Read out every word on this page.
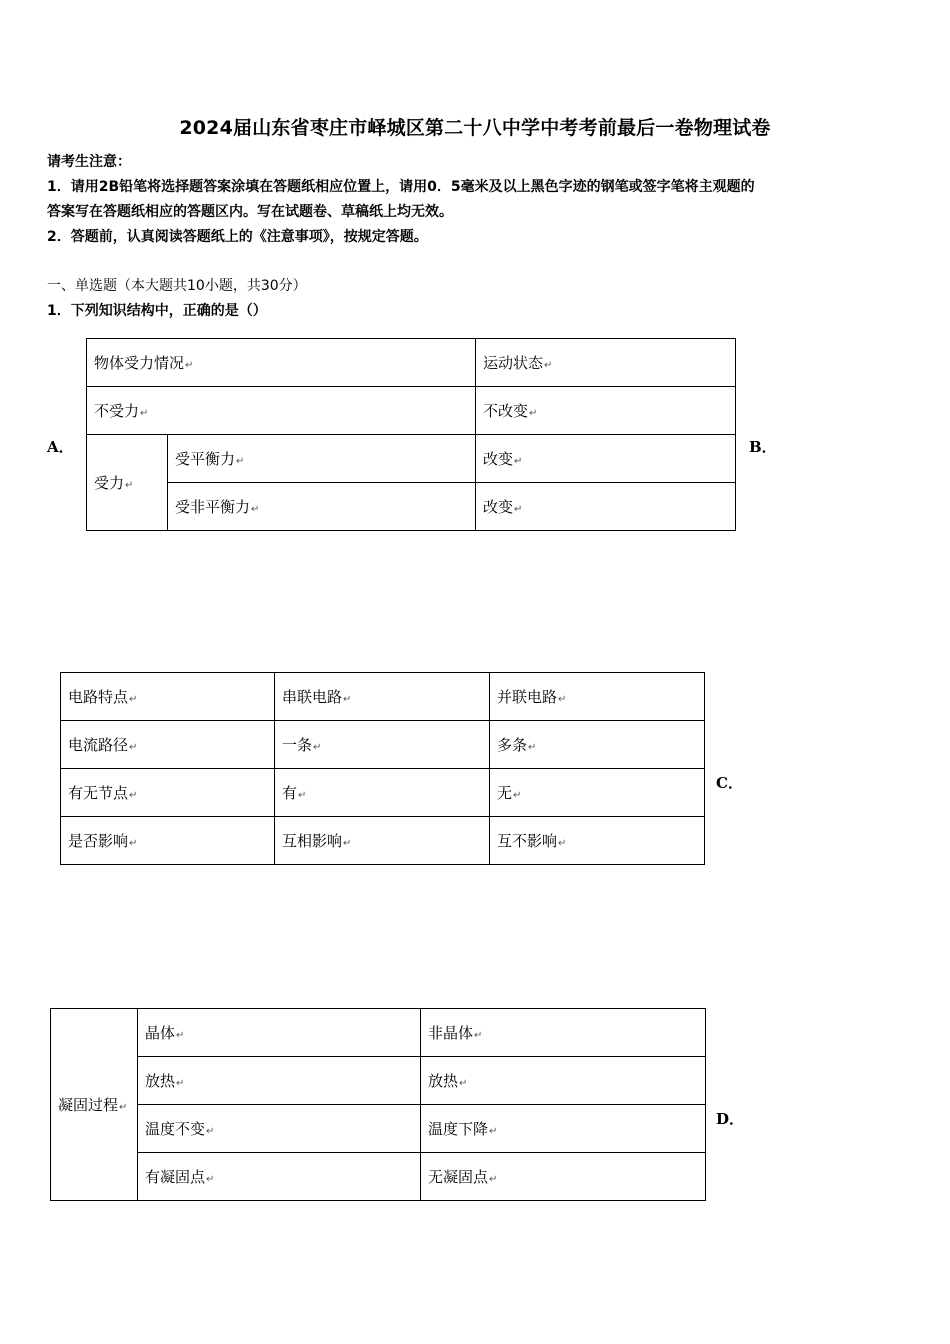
2024届山东省枣庄市峄城区第二十八中学中考考前最后一卷物理试卷
请考生注意：
1．请用2B铅笔将选择题答案涂填在答题纸相应位置上，请用0．5毫米及以上黑色字迹的钢笔或签字笔将主观题的
答案写在答题纸相应的答题区内。写在试题卷、草稿纸上均无效。
2．答题前，认真阅读答题纸上的《注意事项》，按规定答题。
一、单选题（本大题共10小题，共30分）
1．下列知识结构中，正确的是（）
A．
物体受力情况↵		运动状态↵
不受力↵		不改变↵
受力↵	受平衡力↵	改变↵
	受非平衡力↵	改变↵
B．
电路特点↵	串联电路↵	并联电路↵
电流路径↵	一条↵	多条↵
有无节点↵	有↵	无↵
是否影响↵	互相影响↵	互不影响↵
C．
凝固过程↵	晶体↵	非晶体↵
	放热↵	放热↵
	温度不变↵	温度下降↵
	有凝固点↵	无凝固点↵
D．
